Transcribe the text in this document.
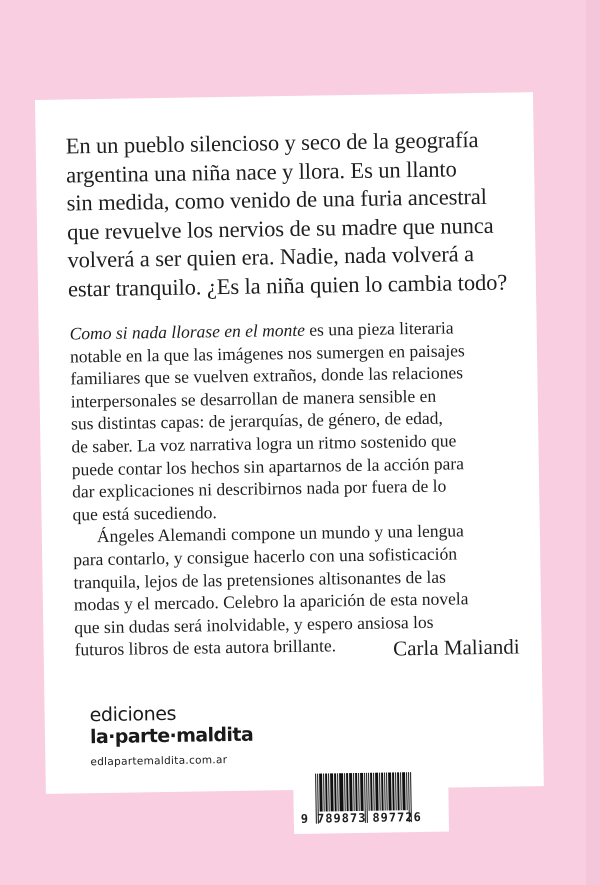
En un pueblo silencioso y seco de la geografía
argentina una niña nace y llora. Es un llanto
sin medida, como venido de una furia ancestral
que revuelve los nervios de su madre que nunca
volverá a ser quien era. Nadie, nada volverá a
estar tranquilo. ¿Es la niña quien lo cambia todo?
Como si nada llorase en el monte es una pieza literaria
notable en la que las imágenes nos sumergen en paisajes
familiares que se vuelven extraños, donde las relaciones
interpersonales se desarrollan de manera sensible en
sus distintas capas: de jerarquías, de género, de edad,
de saber. La voz narrativa logra un ritmo sostenido que
puede contar los hechos sin apartarnos de la acción para
dar explicaciones ni describirnos nada por fuera de lo
que está sucediendo.
Ángeles Alemandi compone un mundo y una lengua
para contarlo, y consigue hacerlo con una sofisticación
tranquila, lejos de las pretensiones altisonantes de las
modas y el mercado. Celebro la aparición de esta novela
que sin dudas será inolvidable, y espero ansiosa los
futuros libros de esta autora brillante.	Carla Maliandi
ediciones
la·parte·maldita
edlapartemaldita.com.ar
9 789873 897726
